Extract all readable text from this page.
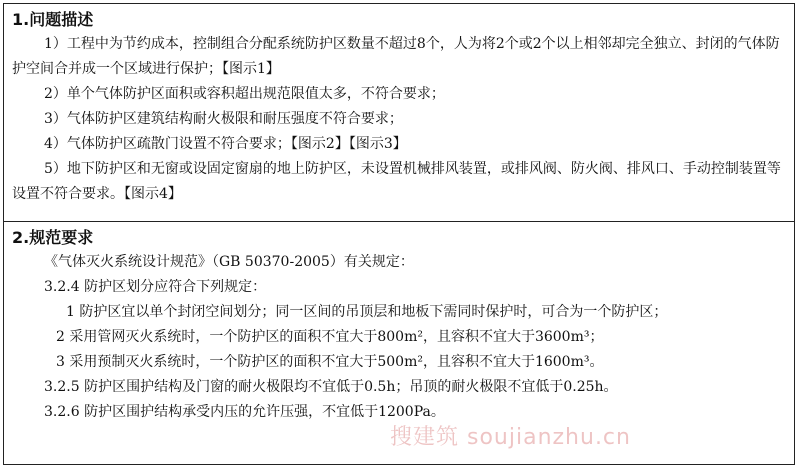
1.问题描述
1）工程中为节约成本，控制组合分配系统防护区数量不超过8个，人为将2个或2个以上相邻却完全独立、封闭的气体防护空间合并成一个区域进行保护；【图示1】
2）单个气体防护区面积或容积超出规范限值太多，不符合要求；
3）气体防护区建筑结构耐火极限和耐压强度不符合要求；
4）气体防护区疏散门设置不符合要求；【图示2】【图示3】
5）地下防护区和无窗或设固定窗扇的地上防护区，未设置机械排风装置，或排风阀、防火阀、排风口、手动控制装置等设置不符合要求。【图示4】
2.规范要求
《气体灭火系统设计规范》（GB 50370-2005）有关规定：
3.2.4 防护区划分应符合下列规定：
1 防护区宜以单个封闭空间划分；同一区间的吊顶层和地板下需同时保护时，可合为一个防护区；
2 采用管网灭火系统时，一个防护区的面积不宜大于800m²，且容积不宜大于3600m³；
3 采用预制灭火系统时，一个防护区的面积不宜大于500m²，且容积不宜大于1600m³。
3.2.5 防护区围护结构及门窗的耐火极限均不宜低于0.5h；吊顶的耐火极限不宜低于0.25h。
3.2.6 防护区围护结构承受内压的允许压强，不宜低于1200Pa。
搜建筑 soujianzhu.cn
